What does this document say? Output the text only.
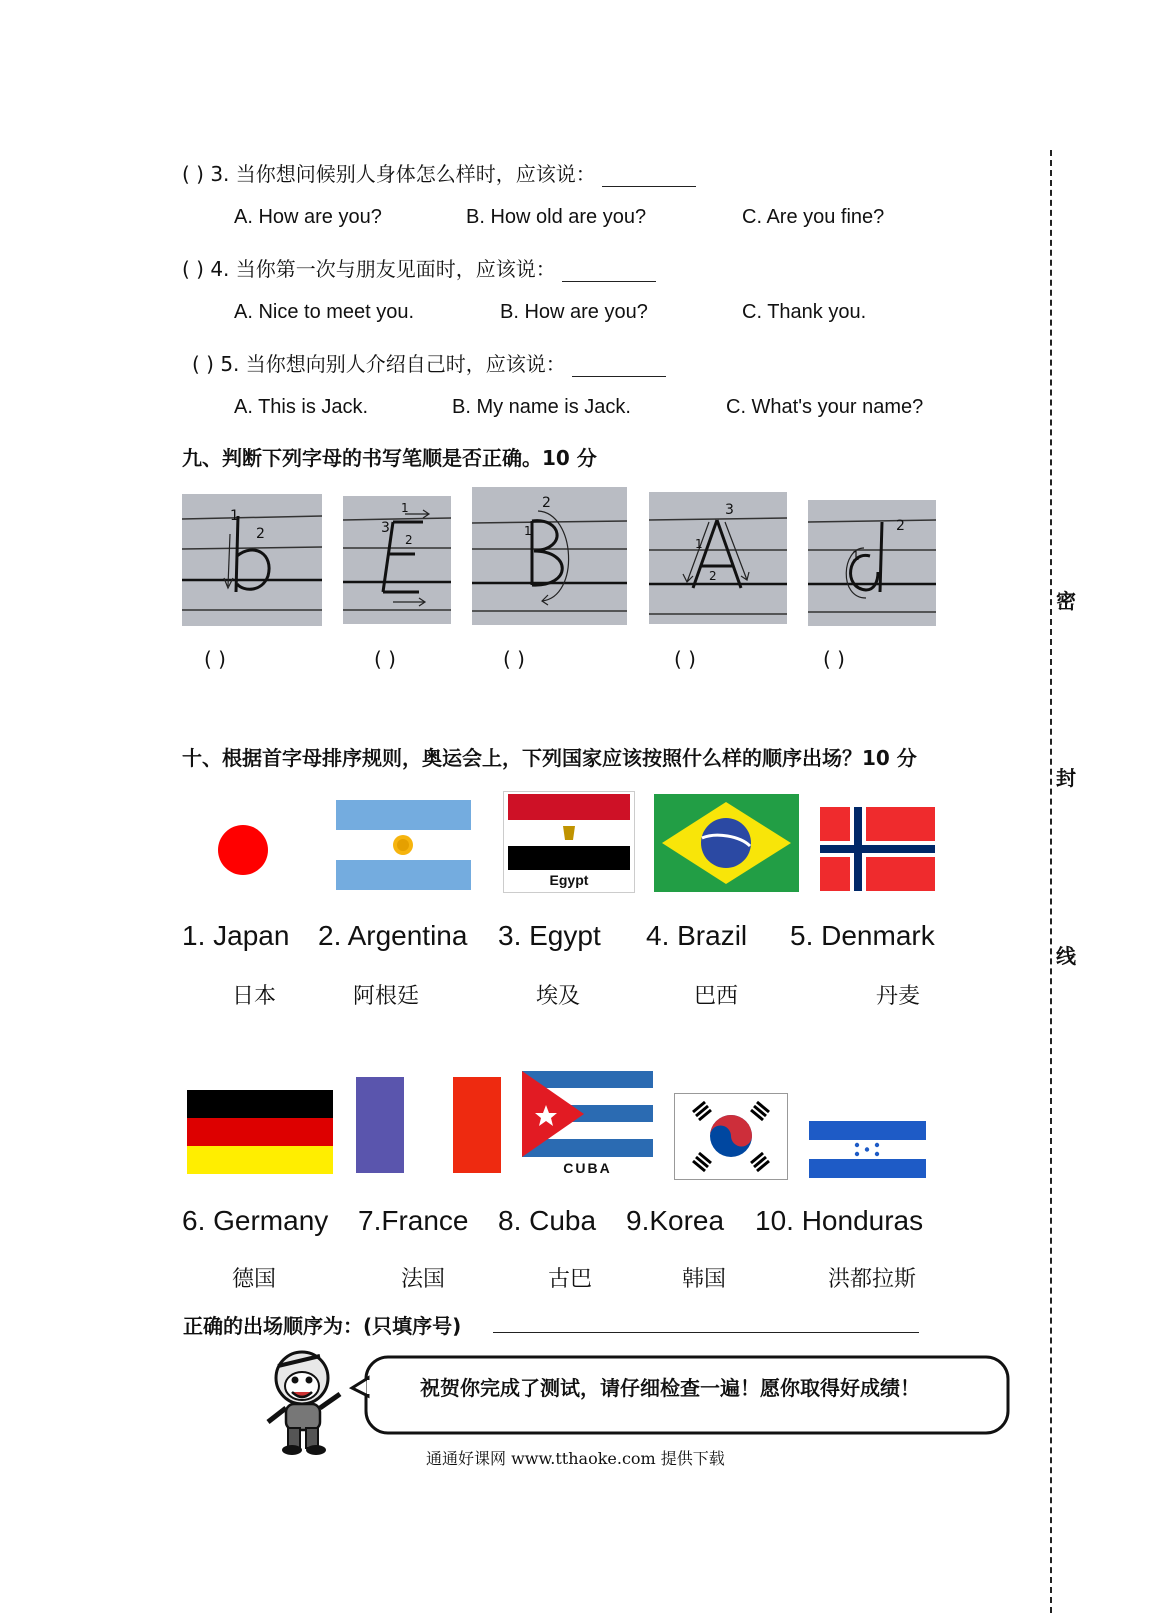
( ) 3. 当你想问候别人身体怎么样时，应该说：
A. How are you?	B. How old are you?	C. Are you fine?
( ) 4. 当你第一次与朋友见面时，应该说：
A. Nice to meet you.	B. How are you?	C. Thank you.
( ) 5. 当你想向别人介绍自己时，应该说：
A. This is Jack.	B. My name is Jack.	C. What's your name?
九、判断下列字母的书写笔顺是否正确。10 分
1
2	3
2
1	2
1
3
1
2
2
1
( )	( )	( )	( )	( )
十、根据首字母排序规则，奥运会上，下列国家应该按照什么样的顺序出场？10 分
Egypt
1. Japan 2. Argentina 3. Egypt 4. Brazil 5. Denmark
日本	阿根廷	埃及	巴西	丹麦
CUBA
6. Germany 7.France 8. Cuba 9.Korea 10. Honduras
德国	法国	古巴	韩国	洪都拉斯
正确的出场顺序为：(只填序号)
祝贺你完成了测试，请仔细检查一遍！愿你取得好成绩！
通通好课网 www.tthaoke.com 提供下载
密
封
线
